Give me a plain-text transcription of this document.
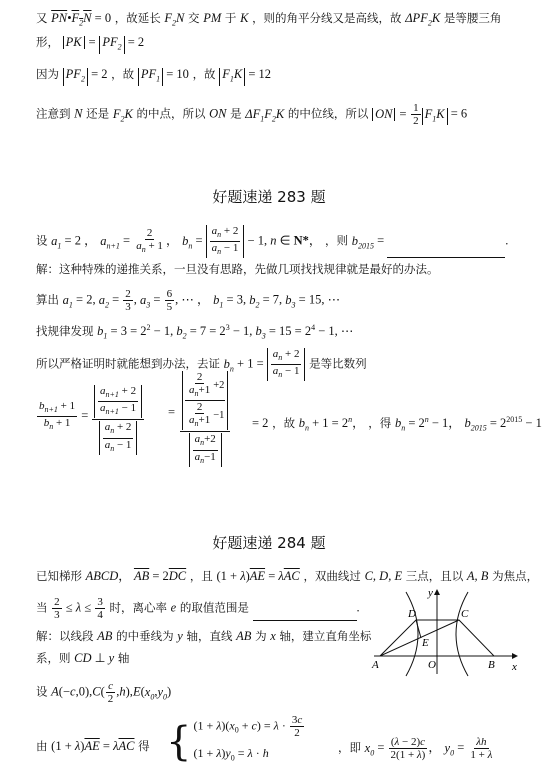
又 $\overline{PN}•F_2N = 0$ ，故延长 $F_2N$ 交 PM 于 K ，则的角平分线又是高线，故 $\Delta PF_2K$ 是等腰三角
形， PK = $PF_2 = 2$
因为 $PF_2 = 2$ ，故 $PF_1 = 10$ ，故 $F_1K = 12$
注意到 N 还是 $F_2K$ 的中点，所以 ON 是 $\Delta F_1F_2K$ 的中位线，所以 ON = $\frac{1}{2} F_1K = 6$
好题速递 283 题
设 $a_1 = 2$ ， $a_{n+1} = \frac{2}{a_n + 1}$ ， $b_n = \frac{a_n + 2}{a_n - 1} - 1$, n ∈ N*， ，则 $b_{2015}$ =	.
解：这种特殊的递推关系，一旦没有思路，先做几项找找规律就是最好的办法。
算出 $a_1 = 2$, $a_2 = \frac{2}{3}$ , $a_3 = \frac{6}{5}$ , ⋯ ， $b_1 = 3$, $b_2 = 7$, $b_3 = 15$, ⋯
找规律发现 $b_1 = 3 = 2^2 - 1$, $b_2 = 7 = 2^3 - 1$, $b_3 = 15 = 2^4 - 1$, ⋯
所以严格证明时就能想到办法，去证 $b_n + 1 = \frac{a_n + 2}{a_n - 1}$ 是等比数列
$\frac{b_{n+1} + 1}{b_n + 1} = \frac{\frac{a_{n+1} + 2}{a_{n+1} - 1}}{\frac{a_n + 2}{a_n - 1}} = \frac{\frac{\frac{2}{a_n+1} +2}{\frac{2}{a_n+1} -1}}{\frac{a_n+2}{a_n-1}} = 2$ ，故 $b_n + 1 = 2^n$， ，得 $b_n = 2^n - 1$， $b_{2015} = 2^{2015} - 1$
好题速递 284 题
已知梯形 ABCD， $\overline{AB} = 2\overline{DC}$ ，且 $(1 + \lambda)\overline{AE} = \lambda\overline{AC}$ ，双曲线过 C, D, E 三点，且以 A, B 为焦点，
当 $\frac{2}{3} \le \lambda \le \frac{3}{4}$ 时，离心率 e 的取值范围是	.
解：以线段 AB 的中垂线为 y 轴，直线 AB 为 x 轴，建立直角坐标
系，则 CD ⊥ y 轴
设 $A(-c,0),C( \frac{c}{2} ,h),E(x_0,y_0)$
由 $(1 + \lambda)\overline{AE} = \lambda\overline{AC}$ 得 { $(1 + \lambda)(x_0 + c) = \lambda \cdot \frac{3c}{2}$
$(1 + \lambda)y_0 = \lambda \cdot h$	，即 $x_0 = \frac{(\lambda - 2)c}{2(1 + \lambda)}$ ， $y_0 = \frac{\lambda h}{1 + \lambda}$
y
x
A	B
C
D
E
O
